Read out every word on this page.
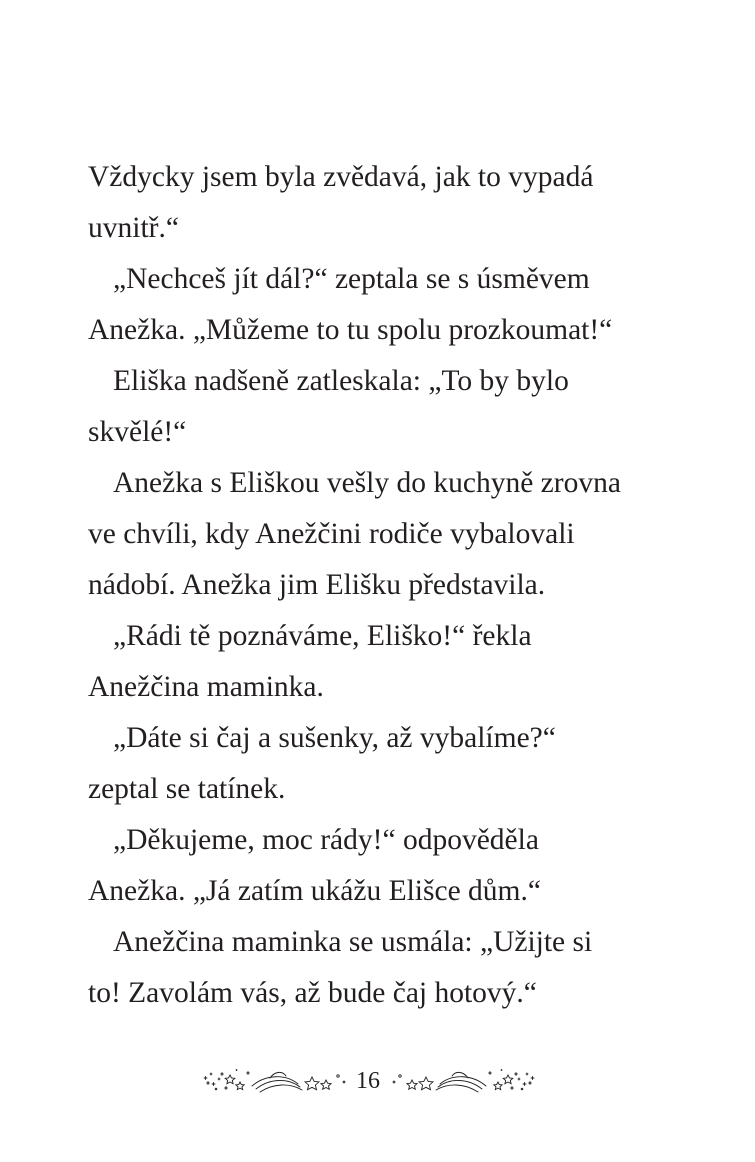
Vždycky jsem byla zvědavá, jak to vypadá
uvnitř.“
„Nechceš jít dál?“ zeptala se s úsměvem
Anežka. „Můžeme to tu spolu prozkoumat!“
Eliška nadšeně zatleskala: „To by bylo
skvělé!“
Anežka s Eliškou vešly do kuchyně zrovna
ve chvíli, kdy Anežčini rodiče vybalovali
nádobí. Anežka jim Elišku představila.
„Rádi tě poznáváme, Eliško!“ řekla
Anežčina maminka.
„Dáte si čaj a sušenky, až vybalíme?“
zeptal se tatínek.
„Děkujeme, moc rády!“ odpověděla
Anežka. „Já zatím ukážu Elišce dům.“
Anežčina maminka se usmála: „Užijte si
to! Zavolám vás, až bude čaj hotový.“
16
